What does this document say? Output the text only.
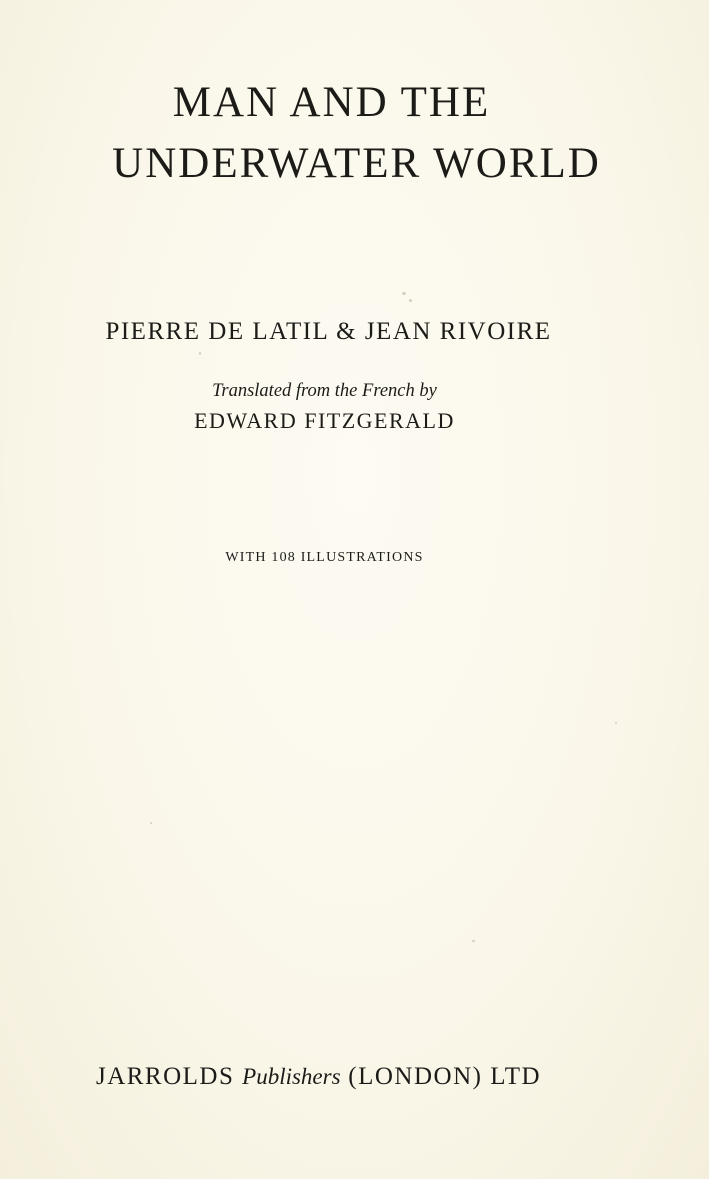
MAN AND THE
UNDERWATER WORLD
PIERRE DE LATIL & JEAN RIVOIRE
Translated from the French by
EDWARD FITZGERALD
WITH 108 ILLUSTRATIONS
JARROLDS Publishers (LONDON) LTD
